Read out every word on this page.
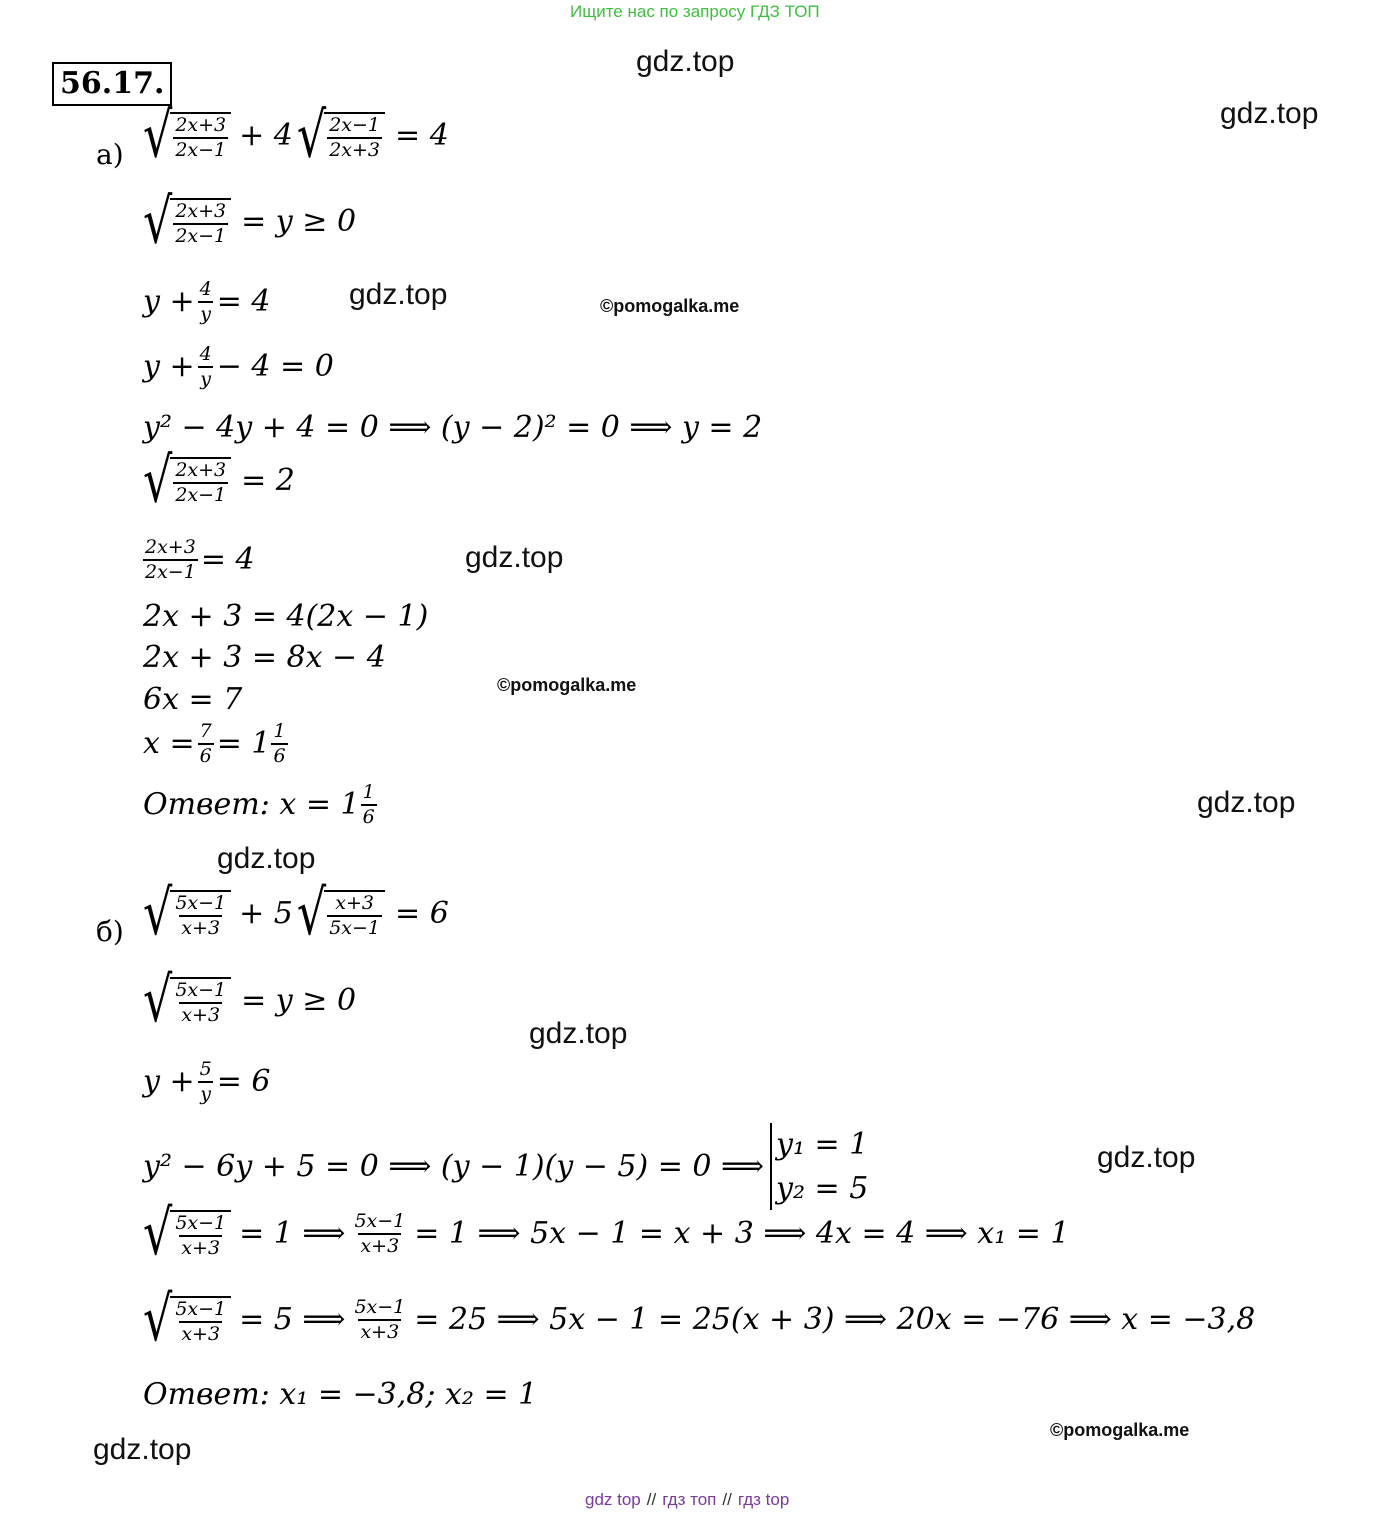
Ищите нас по запросу ГДЗ ТОП
56.17.
gdz.top
gdz.top
gdz.top	©pomogalka.me
gdz.top
©pomogalka.me
gdz.top
gdz.top
gdz.top
gdz.top
©pomogalka.me
gdz.top
а) √ $\frac{2x+3}{2x-1} + 4$ √ $\frac{2x-1}{2x+3} = 4$
√ $\frac{2x+3}{2x-1} = y \ge 0$
$y + \frac{4}{y} = 4$
$y + \frac{4}{y} - 4 = 0$
y² − 4y + 4 = 0 ⟹ (y − 2)² = 0 ⟹ y = 2
√ $\frac{2x+3}{2x-1} = 2$
$\frac{2x+3}{2x-1} = 4$
2x + 3 = 4(2x − 1)
2x + 3 = 8x − 4
6x = 7
$x = \frac{7}{6} = 1 \frac{1}{6}$
Ответ : $x = 1 \frac{1}{6}$
б) √ $\frac{5x-1}{x+3} + 5$ √ $\frac{x+3}{5x-1} = 6$
√ $\frac{5x-1}{x+3} = y \ge 0$
$y + \frac{5}{y} = 6$
y² − 6y + 5 = 0 ⟹ (y − 1)(y − 5) = 0 ⟹
y₁ = 1
y₂ = 5
√ $\frac{5x-1}{x+3} = 1$ ⟹ $\frac{5x-1}{x+3} = 1$ ⟹ 5x − 1 = x + 3 ⟹ 4x = 4 ⟹ x₁ = 1
√ $\frac{5x-1}{x+3} = 5$ ⟹ $\frac{5x-1}{x+3} = 25$ ⟹ 5x − 1 = 25(x + 3) ⟹ 20x = −76 ⟹ x = −3,8
Ответ : x₁ = −3,8; x₂ = 1
gdz top // гдз топ // гдз top
